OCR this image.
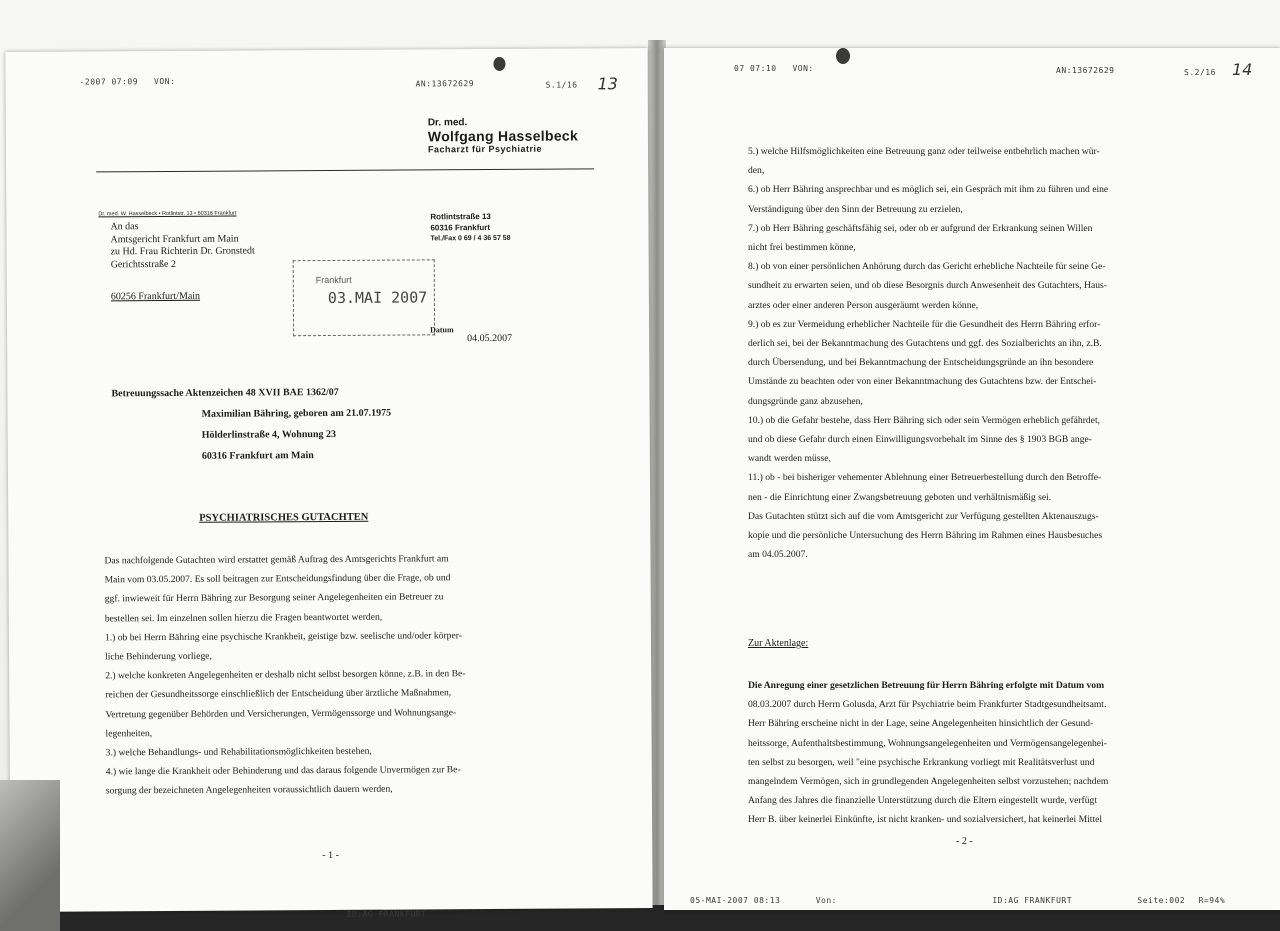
-2007 07:09 VON:	AN:13672629	S.1/16 13
Dr. med.
Wolfgang Hasselbeck
Facharzt für Psychiatrie
Dr. med. W. Hasselbeck • Rotlintstr. 13 • 60316 Frankfurt
An das
Amtsgericht Frankfurt am Main
zu Hd. Frau Richterin Dr. Gronstedt
Gerichtsstraße 2
60256 Frankfurt/Main
Rotlintstraße 13
60316 Frankfurt
Tel./Fax 0 69 / 4 36 57 58
Frankfurt
03.MAI 2007
Datum
04.05.2007
Betreuungssache Aktenzeichen 48 XVII BAE 1362/07
Maximilian Bähring, geboren am 21.07.1975
Hölderlinstraße 4, Wohnung 23
60316 Frankfurt am Main
PSYCHIATRISCHES GUTACHTEN

Das nachfolgende Gutachten wird erstattet gemäß Auftrag des Amtsgerichts Frankfurt am

Main vom 03.05.2007. Es soll beitragen zur Entscheidungsfindung über die Frage, ob und

ggf. inwieweit für Herrn Bähring zur Besorgung seiner Angelegenheiten ein Betreuer zu

bestellen sei. Im einzelnen sollen hierzu die Fragen beantwortet werden,

1.) ob bei Herrn Bähring eine psychische Krankheit, geistige bzw. seelische und/oder körper-

liche Behinderung vorliege,

2.) welche konkreten Angelegenheiten er deshalb nicht selbst besorgen könne, z.B. in den Be-

reichen der Gesundheitssorge einschließlich der Entscheidung über ärztliche Maßnahmen,

Vertretung gegenüber Behörden und Versicherungen, Vermögenssorge und Wohnungsange-

legenheiten,

3.) welche Behandlungs- und Rehabilitationsmöglichkeiten bestehen,

4.) wie lange die Krankheit oder Behinderung und das daraus folgende Unvermögen zur Be-

sorgung der bezeichneten Angelegenheiten voraussichtlich dauern werden,

- 1 -
ID:AG FRANKFURT
07 07:10 VON:	AN:13672629	S.2/16 14

5.) welche Hilfsmöglichkeiten eine Betreuung ganz oder teilweise entbehrlich machen wür-

den,

6.) ob Herr Bähring ansprechbar und es möglich sei, ein Gespräch mit ihm zu führen und eine

Verständigung über den Sinn der Betreuung zu erzielen,

7.) ob Herr Bähring geschäftsfähig sei, oder ob er aufgrund der Erkrankung seinen Willen

nicht frei bestimmen könne,

8.) ob von einer persönlichen Anhörung durch das Gericht erhebliche Nachteile für seine Ge-

sundheit zu erwarten seien, und ob diese Besorgnis durch Anwesenheit des Gutachters, Haus-

arztes oder einer anderen Person ausgeräumt werden könne,

9.) ob es zur Vermeidung erheblicher Nachteile für die Gesundheit des Herrn Bähring erfor-

derlich sei, bei der Bekanntmachung des Gutachtens und ggf. des Sozialberichts an ihn, z.B.

durch Übersendung, und bei Bekanntmachung der Entscheidungsgründe an ihn besondere

Umstände zu beachten oder von einer Bekanntmachung des Gutachtens bzw. der Entschei-

dungsgründe ganz abzusehen,

10.) ob die Gefahr bestehe, dass Herr Bähring sich oder sein Vermögen erheblich gefährdet,

und ob diese Gefahr durch einen Einwilligungsvorbehalt im Sinne des § 1903 BGB ange-

wandt werden müsse,

11.) ob - bei bisheriger vehementer Ablehnung einer Betreuerbestellung durch den Betroffe-

nen - die Einrichtung einer Zwangsbetreuung geboten und verhältnismäßig sei.

Das Gutachten stützt sich auf die vom Amtsgericht zur Verfügung gestellten Aktenauszugs-

kopie und die persönliche Untersuchung des Herrn Bähring im Rahmen eines Hausbesuches

am 04.05.2007.

Zur Aktenlage:

Die Anregung einer gesetzlichen Betreuung für Herrn Bähring erfolgte mit Datum vom

08.03.2007 durch Herrn Golusda, Arzt für Psychiatrie beim Frankfurter Stadtgesundheitsamt.

Herr Bähring erscheine nicht in der Lage, seine Angelegenheiten hinsichtlich der Gesund-

heitssorge, Aufenthaltsbestimmung, Wohnungsangelegenheiten und Vermögensangelegenhei-

ten selbst zu besorgen, weil "eine psychische Erkrankung vorliegt mit Realitätsverlust und

mangelndem Vermögen, sich in grundlegenden Angelegenheiten selbst vorzustehen; nachdem

Anfang des Jahres die finanzielle Unterstützung durch die Eltern eingestellt wurde, verfügt

Herr B. über keinerlei Einkünfte, ist nicht kranken- und sozialversichert, hat keinerlei Mittel

- 2 -
05-MAI-2007 08:13	Von:	ID:AG FRANKFURT	Seite:002 R=94%
